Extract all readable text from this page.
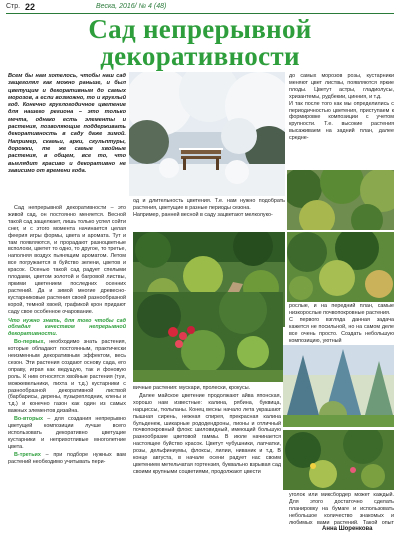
Стр. 22	Веска, 2016/ № 4 (48)
Сад непрерывной
декоративности
Всем бы нам хотелось, чтобы наш сад защеголял как можно раньше, и был цветущим и декоративным до самых морозов, а если возможно, то и круглый год. Конечно круглогодичное цветение для нашего региона – это только мечта, однако есть элементы и растения, позволяющие поддерживать декоративность в саду даже зимой. Например, скамьи, арки, скульптуры, дорожки, те же самые хвойные растения, в общем, все то, что выглядит красиво и декоративно не зависимо от времени года.

Сад непрерывной декоративности – это живой сад, он постоянно меняется. Весной такой сад защелкает, лишь только успел сойти снег, и с этого момента начинается целая феерия игры формы, цвета и аромата. Тут и там появляются, и прорадают разноцветные всполохи, цветет то одно, то другое, то третье, наполняя воздух пьянящим ароматом. Летом все погружается в буйство зелени, цветов и красок. Осенью такой сад радует спелыми плодами, цветом золотой и багровой листвы, яркими цветением последних осенних растений. Да и зимой многие древесно-кустарниковые растения своей разнообразной корой, темной хвоей, графикой крон придают саду свое особенное очарование.

Что нужно знать, для того чтобы сад обладал качеством непрерывной декоративности.

Во-первых, необходимо знать растения, которые обладают постоянным, практически неизменным декоративным эффектом, весь сезон. Эти растения создают основу сада, его оправу, играя как ведущую, так и фоновую роль. К ним относятся хвойные растения (туи, можжевельники, пихта и т.д.) кустарники с разнообразной декоративной листвой (барбарисы, дерены, пузыреплодник, клены и т.д.) и конечно газон как один из самых важных элементов дизайна.

Во-вторых – для создания непрерывно цветущей композиции лучше всего использовать декоративно цветущие кустарники и неприхотливые многолетние цвета.

В-третьих – при подборе нужных вам растений необходимо учитывать пери-

од и длительность цветения. Т.е. нам нужно подобрать растения, цветущие в разные периоды сезона.
Например, ранней весной в саду зацветают мелколуко-

вичные растения: мускари, пролески, крокусы.

Далее майское цветение продолжают айва японская, хорошо нам известные: калина, рябина, буквица, нарциссы, тюльпаны. Конец весны начало лета украшают пышная сирень, нежная спирея, прекрасная калина бульденеж, шикарные рододендроны, пионы и отличный почвопокровный флокс шиловидный, имеющий большую разнообразие цветовой гаммы. В июле начинается настоящее буйство красок. Цветут чубушники, лапчатки, розы, дельфиниумы, флоксы, лилии, ниваник и т.д. В конце августа, в начале осени радует нас своим цветением метельчатая гортензия, буквально взрывая сад своими крупными соцветиями, продолжают цвести

до самых морозов розы, кустарники меняют цвет листвы, появляются яркие плоды. Цветут астры, гладиолусы, хризантемы, рудбекии, цинния, и т.д.
И так после того как мы определились с периодичностью цветения, приступаем к формировке композиции с учетом крупности. Т.е. высокие растения высаживаем на задний план, далее средне-
рослые, и на передний план, самые низкорослые почвопокровные растения.
С первого взгляда данная задача кажется не посильной, но на самом деле все очень просто. Создать небольшую композицию, уютный
уголок или миксбордер может каждый. Для этого достаточно сделать планировку на бумаге и использовать небольшое количество знакомых и любимых вами растений. Такой опыт
Анна Шоренкова
